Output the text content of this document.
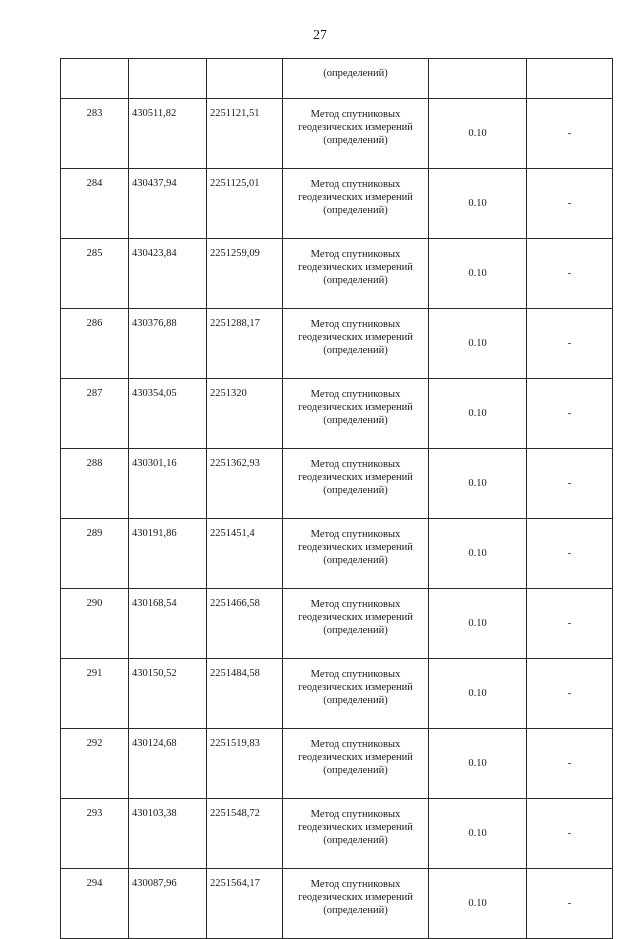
27

			(определений)		

283	430511,82	2251121,51	Метод спутниковых
геодезических измерений
(определений)	0.10	-
284	430437,94	2251125,01	Метод спутниковых
геодезических измерений
(определений)	0.10	-
285	430423,84	2251259,09	Метод спутниковых
геодезических измерений
(определений)	0.10	-
286	430376,88	2251288,17	Метод спутниковых
геодезических измерений
(определений)	0.10	-
287	430354,05	2251320	Метод спутниковых
геодезических измерений
(определений)	0.10	-
288	430301,16	2251362,93	Метод спутниковых
геодезических измерений
(определений)	0.10	-
289	430191,86	2251451,4	Метод спутниковых
геодезических измерений
(определений)	0.10	-
290	430168,54	2251466,58	Метод спутниковых
геодезических измерений
(определений)	0.10	-
291	430150,52	2251484,58	Метод спутниковых
геодезических измерений
(определений)	0.10	-
292	430124,68	2251519,83	Метод спутниковых
геодезических измерений
(определений)	0.10	-
293	430103,38	2251548,72	Метод спутниковых
геодезических измерений
(определений)	0.10	-
294	430087,96	2251564,17	Метод спутниковых
геодезических измерений
(определений)	0.10	-
